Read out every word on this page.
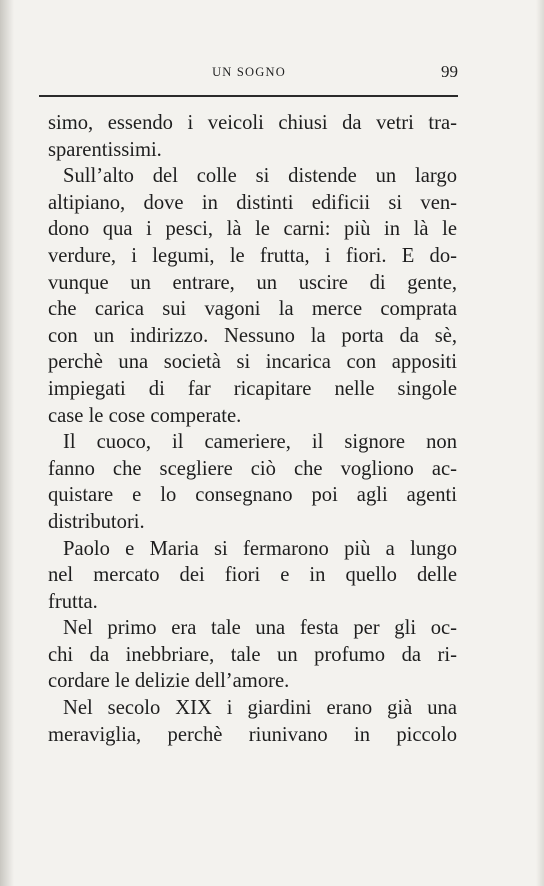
UN SOGNO	99
simo, essendo i veicoli chiusi da vetri tra-
sparentissimi.
Sull’alto del colle si distende un largo
altipiano, dove in distinti edificii si ven-
dono qua i pesci, là le carni: più in là le
verdure, i legumi, le frutta, i fiori. E do-
vunque un entrare, un uscire di gente,
che carica sui vagoni la merce comprata
con un indirizzo. Nessuno la porta da sè,
perchè una società si incarica con appositi
impiegati di far ricapitare nelle singole
case le cose comperate.
Il cuoco, il cameriere, il signore non
fanno che scegliere ciò che vogliono ac-
quistare e lo consegnano poi agli agenti
distributori.
Paolo e Maria si fermarono più a lungo
nel mercato dei fiori e in quello delle
frutta.
Nel primo era tale una festa per gli oc-
chi da inebbriare, tale un profumo da ri-
cordare le delizie dell’amore.
Nel secolo XIX i giardini erano già una
meraviglia, perchè riunivano in piccolo
